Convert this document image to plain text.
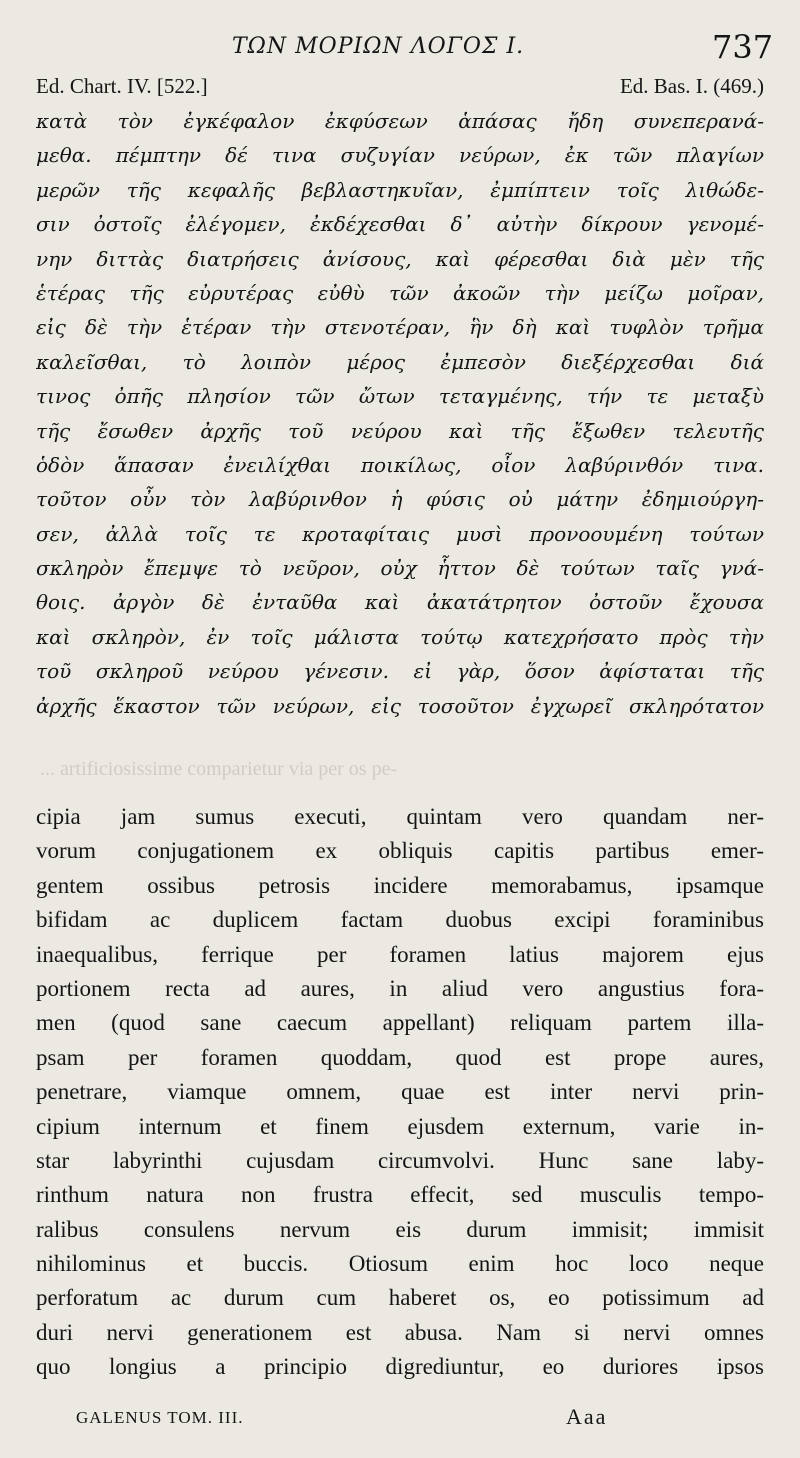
ΤΩΝ ΜΟΡΙΩΝ ΛΟΓΟΣ Ι.	737
Ed. Chart. IV. [522.]	Ed. Bas. I. (469.)
κατὰ τὸν ἐγκέφαλον ἐκφύσεων ἁπάσας ἤδη συνεπερανά-
μεθα. πέμπτην δέ τινα συζυγίαν νεύρων, ἐκ τῶν πλαγίων
μερῶν τῆς κεφαλῆς βεβλαστηκυῖαν, ἐμπίπτειν τοῖς λιθώδε-
σιν ὀστοῖς ἐλέγομεν, ἐκδέχεσθαι δ᾽ αὐτὴν δίκρουν γενομέ-
νην διττὰς διατρήσεις ἀνίσους, καὶ φέρεσθαι διὰ μὲν τῆς
ἑτέρας τῆς εὐρυτέρας εὐθὺ τῶν ἀκοῶν τὴν μείζω μοῖραν,
εἰς δὲ τὴν ἑτέραν τὴν στενοτέραν, ἣν δὴ καὶ τυφλὸν τρῆμα
καλεῖσθαι, τὸ λοιπὸν μέρος ἐμπεσὸν διεξέρχεσθαι διά
τινος ὀπῆς πλησίον τῶν ὤτων τεταγμένης, τήν τε μεταξὺ
τῆς ἔσωθεν ἀρχῆς τοῦ νεύρου καὶ τῆς ἔξωθεν τελευτῆς
ὁδὸν ἅπασαν ἐνειλίχθαι ποικίλως, οἷον λαβύρινθόν τινα.
τοῦτον οὖν τὸν λαβύρινθον ἡ φύσις οὐ μάτην ἐδημιούργη-
σεν, ἀλλὰ τοῖς τε κροταφίταις μυσὶ προνοουμένη τούτων
σκληρὸν ἔπεμψε τὸ νεῦρον, οὐχ ἧττον δὲ τούτων ταῖς γνά-
θοις. ἀργὸν δὲ ἐνταῦθα καὶ ἀκατάτρητον ὀστοῦν ἔχουσα
καὶ σκληρὸν, ἐν τοῖς μάλιστα τούτῳ κατεχρήσατο πρὸς τὴν
τοῦ σκληροῦ νεύρου γένεσιν. εἰ γὰρ, ὅσον ἀφίσταται τῆς
ἀρχῆς ἕκαστον τῶν νεύρων, εἰς τοσοῦτον ἐγχωρεῖ σκληρότατον
... artificiosissime comparietur via per os pe-
cipia jam sumus executi, quintam vero quandam ner-
vorum conjugationem ex obliquis capitis partibus emer-
gentem ossibus petrosis incidere memorabamus, ipsamque
bifidam ac duplicem factam duobus excipi foraminibus
inaequalibus, ferrique per foramen latius majorem ejus
portionem recta ad aures, in aliud vero angustius fora-
men (quod sane caecum appellant) reliquam partem illa-
psam per foramen quoddam, quod est prope aures,
penetrare, viamque omnem, quae est inter nervi prin-
cipium internum et finem ejusdem externum, varie in-
star labyrinthi cujusdam circumvolvi. Hunc sane laby-
rinthum natura non frustra effecit, sed musculis tempo-
ralibus consulens nervum eis durum immisit; immisit
nihilominus et buccis. Otiosum enim hoc loco neque
perforatum ac durum cum haberet os, eo potissimum ad
duri nervi generationem est abusa. Nam si nervi omnes
quo longius a principio digrediuntur, eo duriores ipsos
GALENUS TOM. III.	Aaa
